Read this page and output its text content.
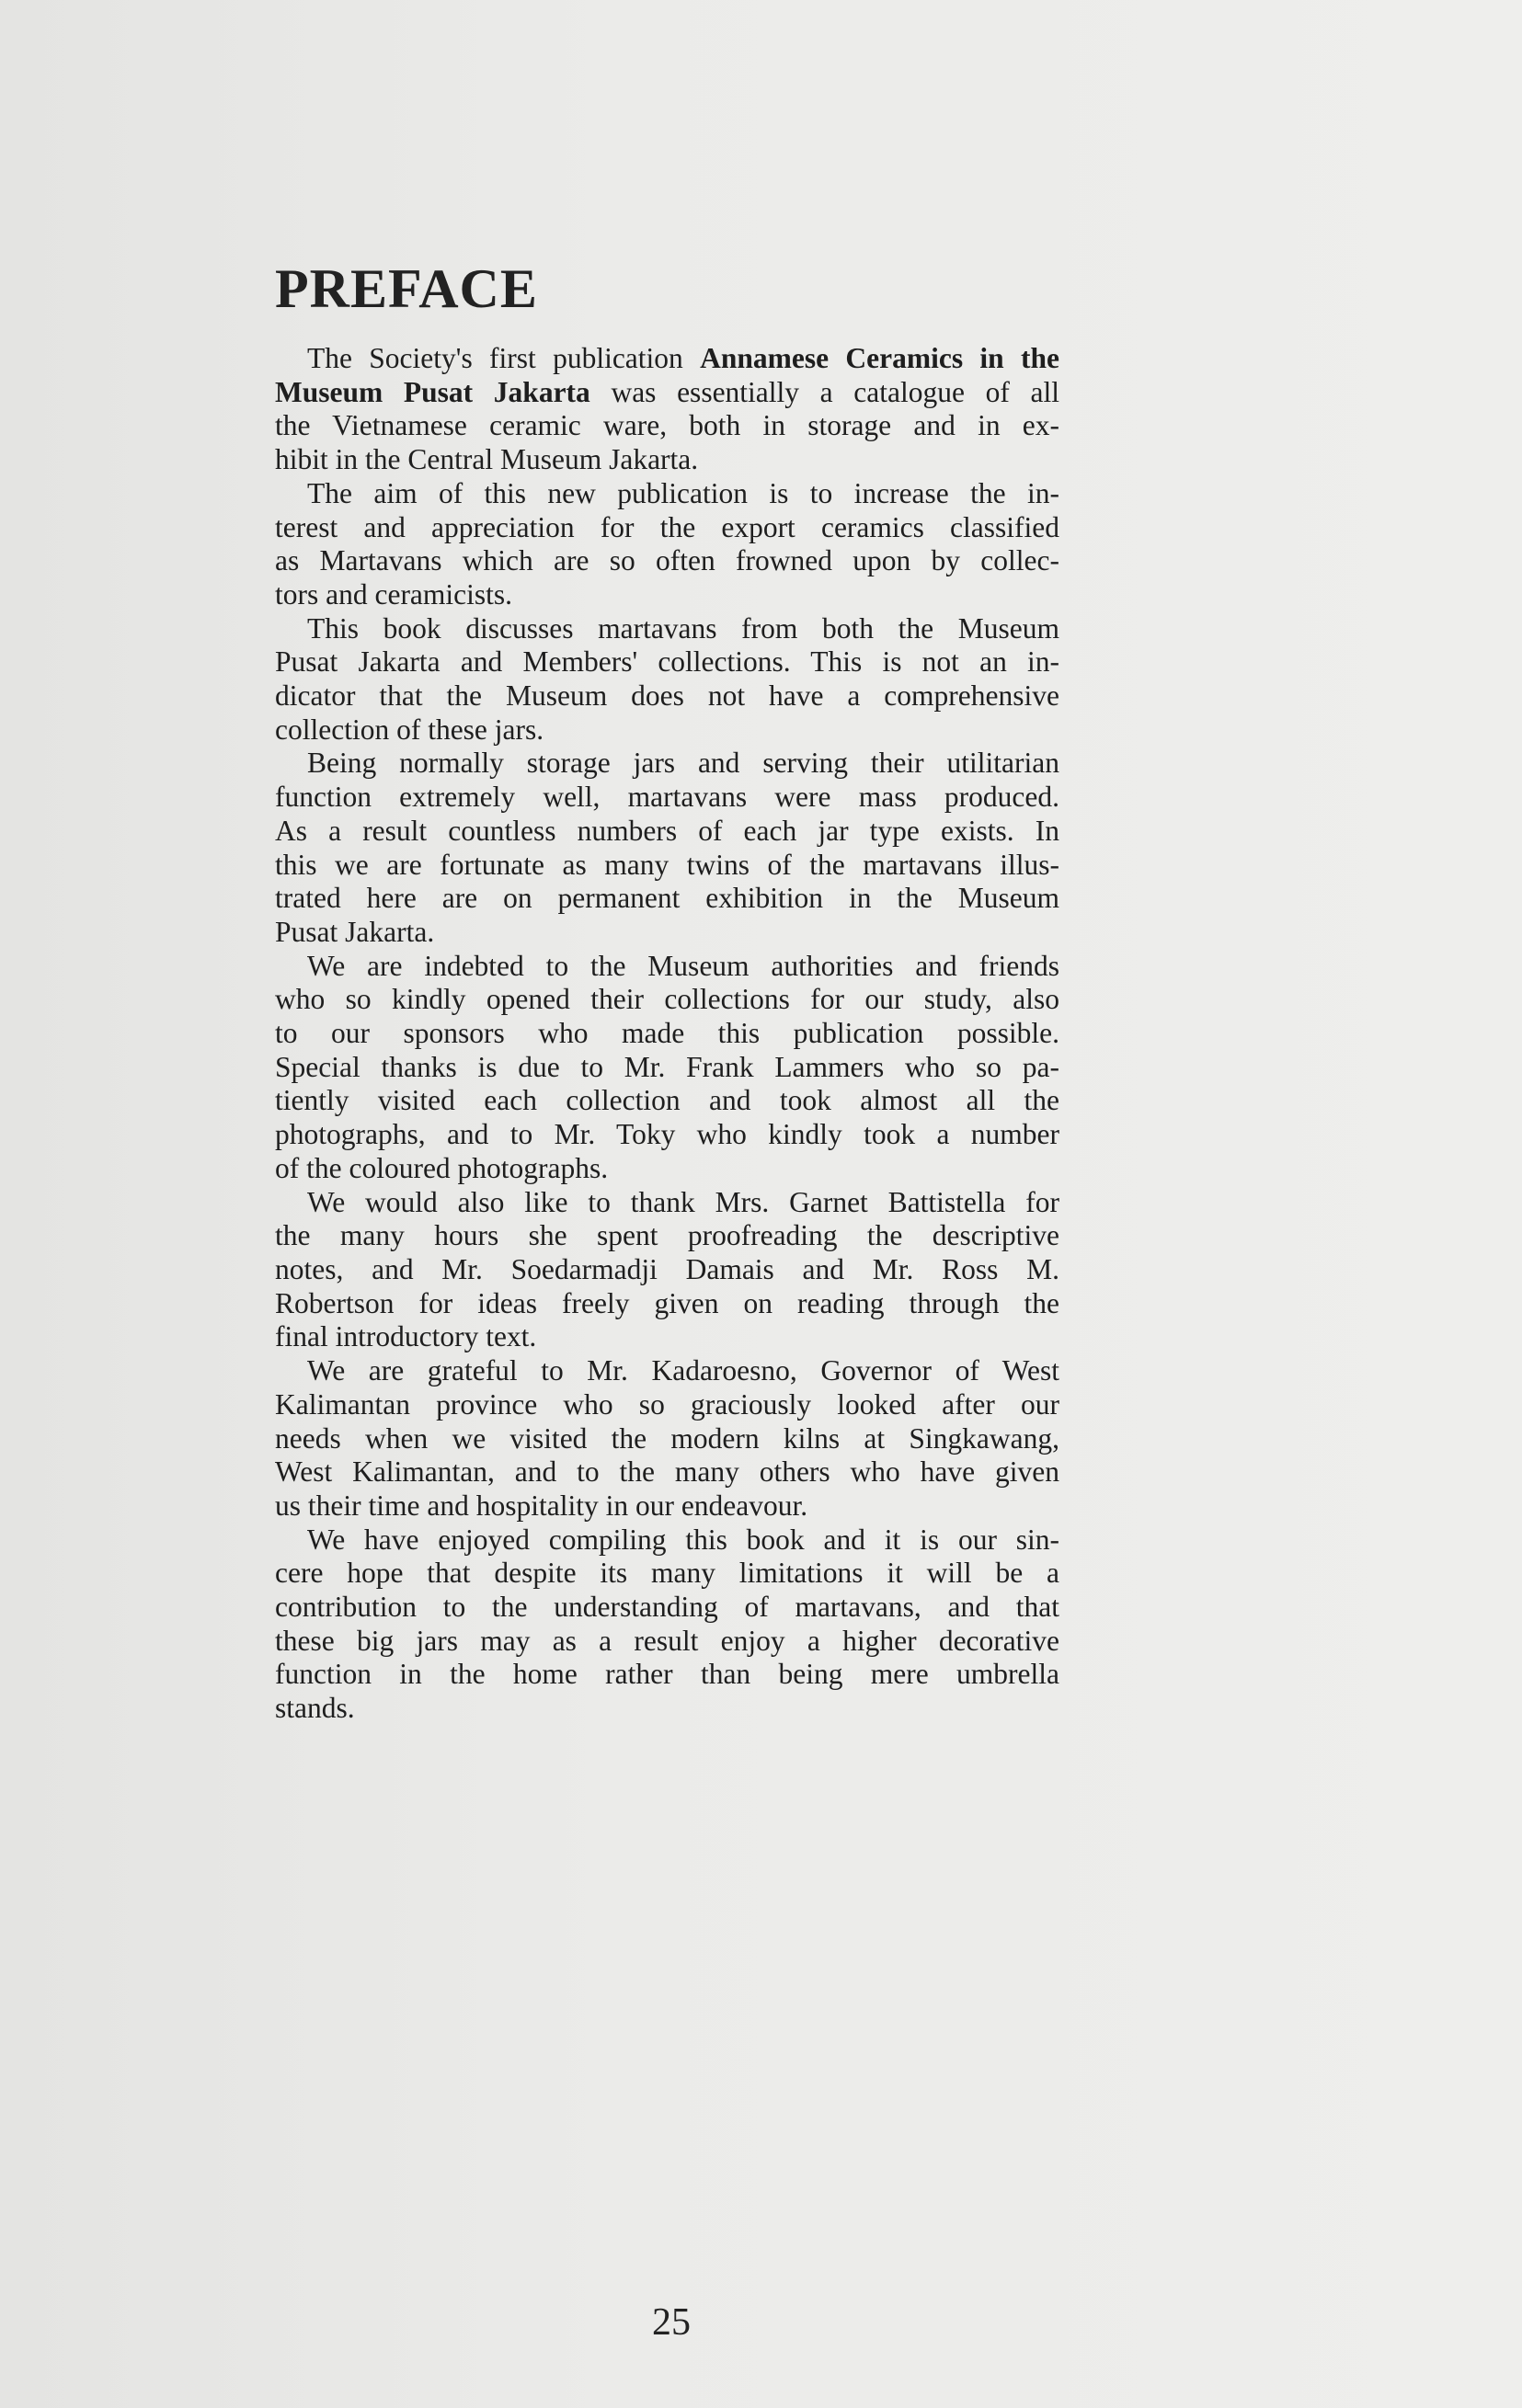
PREFACE
The Society's first publication Annamese Ceramics in the
Museum Pusat Jakarta was essentially a catalogue of all
the Vietnamese ceramic ware, both in storage and in ex-
hibit in the Central Museum Jakarta.
The aim of this new publication is to increase the in-
terest and appreciation for the export ceramics classified
as Martavans which are so often frowned upon by collec-
tors and ceramicists.
This book discusses martavans from both the Museum
Pusat Jakarta and Members' collections. This is not an in-
dicator that the Museum does not have a comprehensive
collection of these jars.
Being normally storage jars and serving their utilitarian
function extremely well, martavans were mass produced.
As a result countless numbers of each jar type exists. In
this we are fortunate as many twins of the martavans illus-
trated here are on permanent exhibition in the Museum
Pusat Jakarta.
We are indebted to the Museum authorities and friends
who so kindly opened their collections for our study, also
to our sponsors who made this publication possible.
Special thanks is due to Mr. Frank Lammers who so pa-
tiently visited each collection and took almost all the
photographs, and to Mr. Toky who kindly took a number
of the coloured photographs.
We would also like to thank Mrs. Garnet Battistella for
the many hours she spent proofreading the descriptive
notes, and Mr. Soedarmadji Damais and Mr. Ross M.
Robertson for ideas freely given on reading through the
final introductory text.
We are grateful to Mr. Kadaroesno, Governor of West
Kalimantan province who so graciously looked after our
needs when we visited the modern kilns at Singkawang,
West Kalimantan, and to the many others who have given
us their time and hospitality in our endeavour.
We have enjoyed compiling this book and it is our sin-
cere hope that despite its many limitations it will be a
contribution to the understanding of martavans, and that
these big jars may as a result enjoy a higher decorative
function in the home rather than being mere umbrella
stands.
25
